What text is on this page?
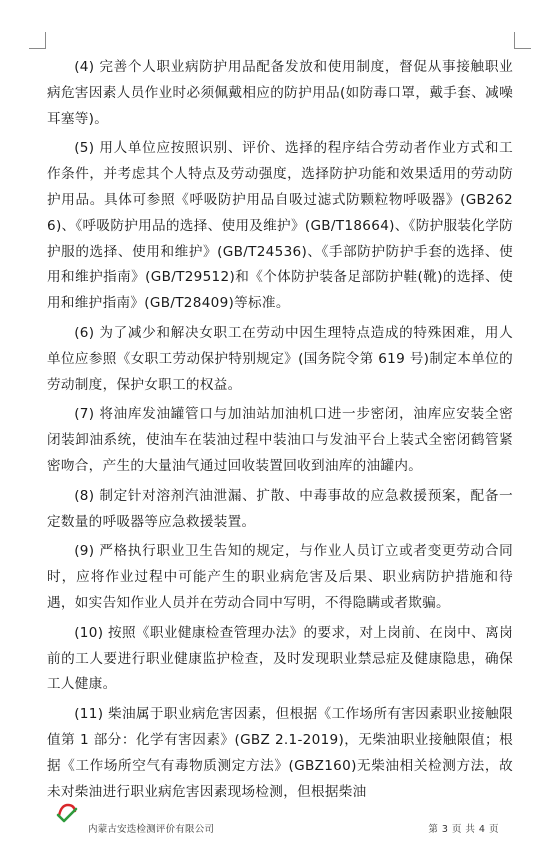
(4) 完善个人职业病防护用品配备发放和使用制度，督促从事接触职业病危害因素人员作业时必须佩戴相应的防护用品(如防毒口罩，戴手套、减噪耳塞等)。

(5) 用人单位应按照识别、评价、选择的程序结合劳动者作业方式和工作条件，并考虑其个人特点及劳动强度，选择防护功能和效果适用的劳动防护用品。具体可参照《呼吸防护用品自吸过滤式防颗粒物呼吸器》(GB2626)、《呼吸防护用品的选择、使用及维护》(GB/T18664)、《防护服装化学防护服的选择、使用和维护》(GB/T24536)、《手部防护防护手套的选择、使用和维护指南》(GB/T29512)和《个体防护装备足部防护鞋(靴)的选择、使用和维护指南》(GB/T28409)等标准。

(6) 为了减少和解决女职工在劳动中因生理特点造成的特殊困难，用人单位应参照《女职工劳动保护特别规定》(国务院令第 619 号)制定本单位的劳动制度，保护女职工的权益。

(7) 将油库发油罐管口与加油站加油机口进一步密闭，油库应安装全密闭装卸油系统，使油车在装油过程中装油口与发油平台上装式全密闭鹤管紧密吻合，产生的大量油气通过回收装置回收到油库的油罐内。

(8) 制定针对溶剂汽油泄漏、扩散、中毒事故的应急救援预案，配备一定数量的呼吸器等应急救援装置。

(9) 严格执行职业卫生告知的规定，与作业人员订立或者变更劳动合同时，应将作业过程中可能产生的职业病危害及后果、职业病防护措施和待遇，如实告知作业人员并在劳动合同中写明，不得隐瞒或者欺骗。

(10) 按照《职业健康检查管理办法》的要求，对上岗前、在岗中、离岗前的工人要进行职业健康监护检查，及时发现职业禁忌症及健康隐患，确保工人健康。

(11) 柴油属于职业病危害因素，但根据《工作场所有害因素职业接触限值第 1 部分：化学有害因素》(GBZ 2.1-2019)，无柴油职业接触限值；根据《工作场所空气有毒物质测定方法》(GBZ160)无柴油相关检测方法，故未对柴油进行职业病危害因素现场检测，但根据柴油

内蒙古安迭检测评价有限公司	第 3 页 共 4 页
